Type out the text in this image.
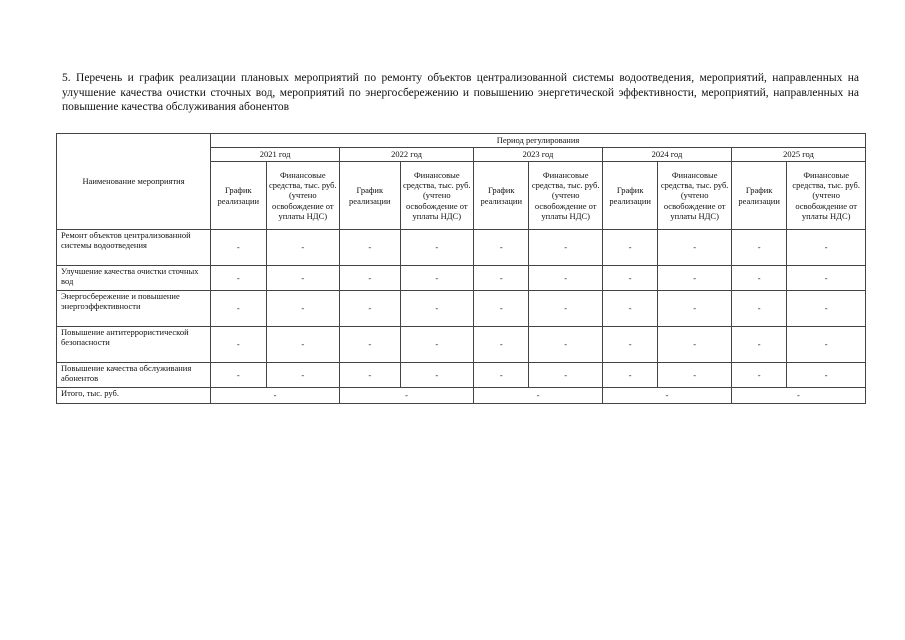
5. Перечень и график реализации плановых мероприятий по ремонту объектов централизованной системы водоотведения, мероприятий, направленных на улучшение качества очистки сточных вод, мероприятий по энергосбережению и повышению энергетической эффективности, мероприятий, направленных на повышение качества обслуживания абонентов
Наименование мероприятия	Период регулирования									
	2021 год		2022 год		2023 год		2024 год		2025 год	
	График реализации	Финансовые средства, тыс. руб. (учтено освобождение от уплаты НДС)	График реализации	Финансовые средства, тыс. руб. (учтено освобождение от уплаты НДС)	График реализации	Финансовые средства, тыс. руб. (учтено освобождение от уплаты НДС)	График реализации	Финансовые средства, тыс. руб. (учтено освобождение от уплаты НДС)	График реализации	Финансовые средства, тыс. руб. (учтено освобождение от уплаты НДС)
Ремонт объектов централизованной системы водоотведения	-	-	-	-	-	-	-	-	-	-
Улучшение качества очистки сточных вод	-	-	-	-	-	-	-	-	-	-
Энергосбережение и повышение энергоэффективности	-	-	-	-	-	-	-	-	-	-
Повышение антитеррористической безопасности	-	-	-	-	-	-	-	-	-	-
Повышение качества обслуживания абонентов	-	-	-	-	-	-	-	-	-	-
Итого, тыс. руб.	-		-		-		-		-	
